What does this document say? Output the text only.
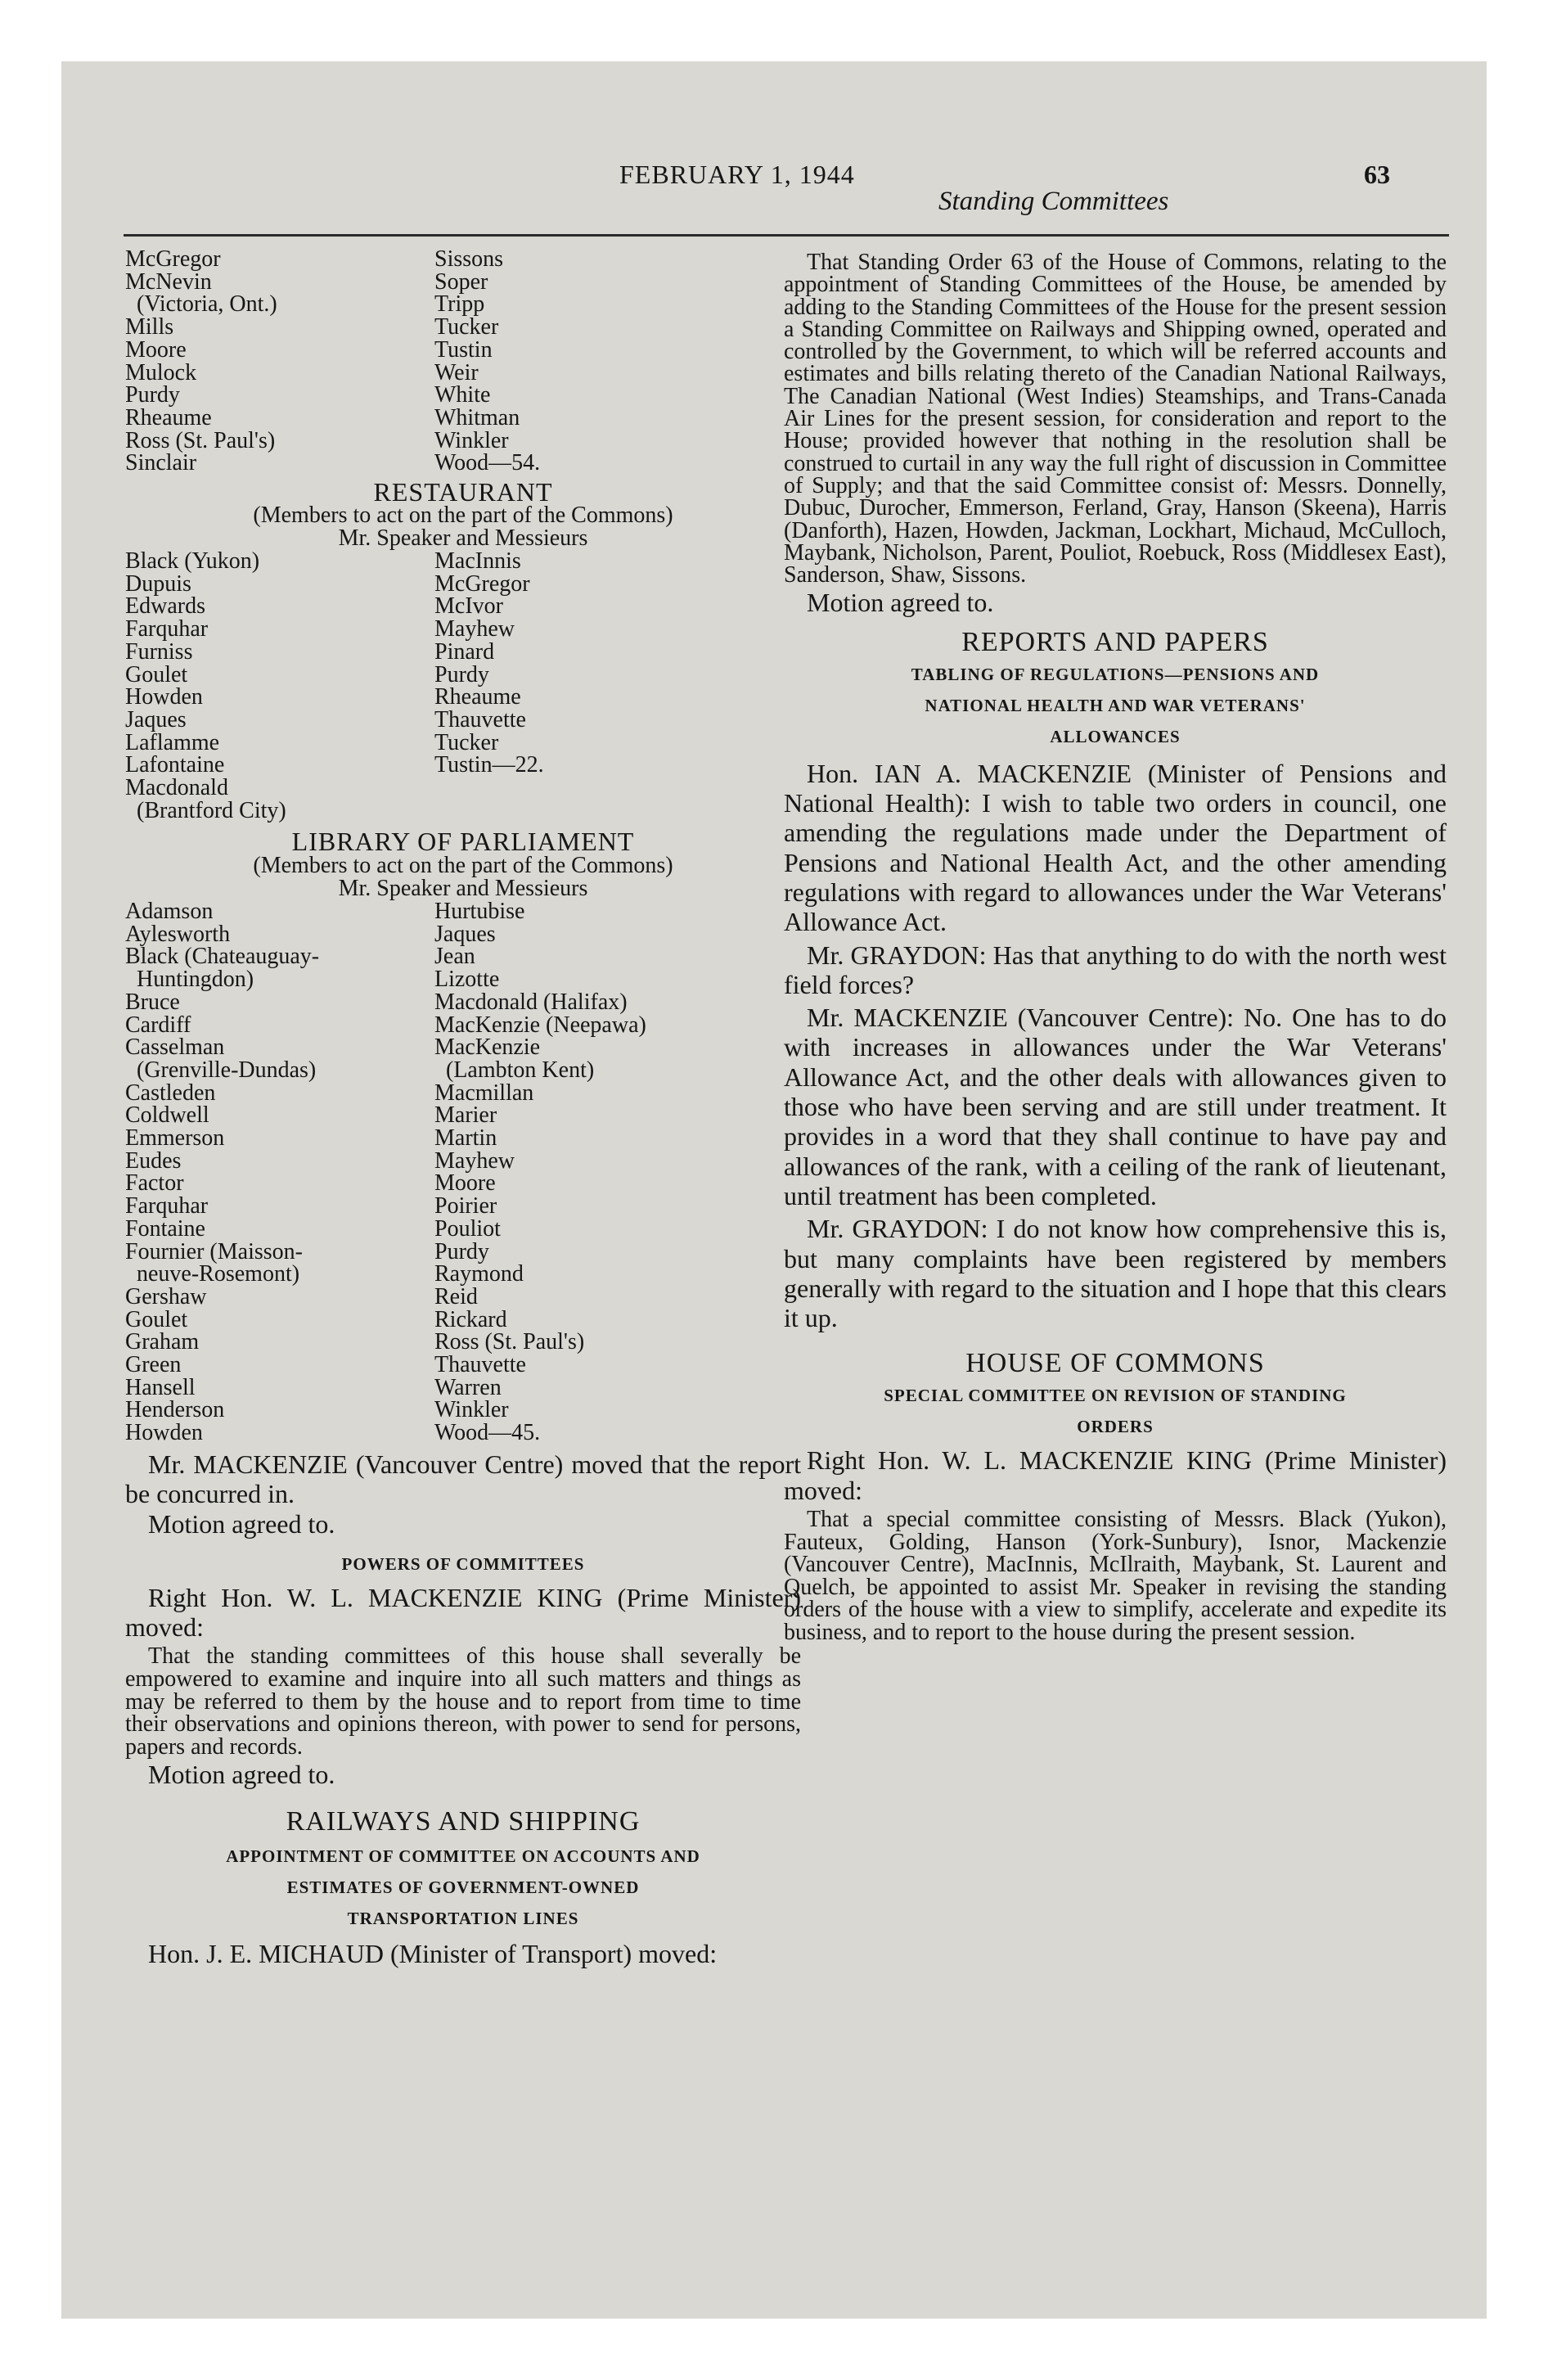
FEBRUARY 1, 1944	63
Standing Committees
McGregor
McNevin
(Victoria, Ont.)
Mills
Moore
Mulock
Purdy
Rheaume
Ross (St. Paul's)
Sinclair
Sissons
Soper
Tripp
Tucker
Tustin
Weir
White
Whitman
Winkler
Wood—54.

RESTAURANT

(Members to act on the part of the Commons)

Mr. Speaker and Messieurs

Black (Yukon)
Dupuis
Edwards
Farquhar
Furniss
Goulet
Howden
Jaques
Laflamme
Lafontaine
Macdonald
(Brantford City)
MacInnis
McGregor
McIvor
Mayhew
Pinard
Purdy
Rheaume
Thauvette
Tucker
Tustin—22.

LIBRARY OF PARLIAMENT

(Members to act on the part of the Commons)

Mr. Speaker and Messieurs

Adamson
Aylesworth
Black (Chateauguay-
Huntingdon)
Bruce
Cardiff
Casselman
(Grenville-Dundas)
Castleden
Coldwell
Emmerson
Eudes
Factor
Farquhar
Fontaine
Fournier (Maisson-
neuve-Rosemont)
Gershaw
Goulet
Graham
Green
Hansell
Henderson
Howden
Hurtubise
Jaques
Jean
Lizotte
Macdonald (Halifax)
MacKenzie (Neepawa)
MacKenzie
(Lambton Kent)
Macmillan
Marier
Martin
Mayhew
Moore
Poirier
Pouliot
Purdy
Raymond
Reid
Rickard
Ross (St. Paul's)
Thauvette
Warren
Winkler
Wood—45.

Mr. MACKENZIE (Vancouver Centre) moved that the report be concurred in.

Motion agreed to.

POWERS OF COMMITTEES

Right Hon. W. L. MACKENZIE KING (Prime Minister) moved:

That the standing committees of this house shall severally be empowered to examine and inquire into all such matters and things as may be referred to them by the house and to report from time to time their observations and opinions thereon, with power to send for persons, papers and records.

Motion agreed to.

RAILWAYS AND SHIPPING

APPOINTMENT OF COMMITTEE ON ACCOUNTS AND

ESTIMATES OF GOVERNMENT-OWNED

TRANSPORTATION LINES

Hon. J. E. MICHAUD (Minister of Transport) moved:

That Standing Order 63 of the House of Commons, relating to the appointment of Standing Committees of the House, be amended by adding to the Standing Committees of the House for the present session a Standing Committee on Railways and Shipping owned, operated and controlled by the Government, to which will be referred accounts and estimates and bills relating thereto of the Canadian National Railways, The Canadian National (West Indies) Steamships, and Trans-Canada Air Lines for the present session, for consideration and report to the House; provided however that nothing in the resolution shall be construed to curtail in any way the full right of discussion in Committee of Supply; and that the said Committee consist of: Messrs. Donnelly, Dubuc, Durocher, Emmerson, Ferland, Gray, Hanson (Skeena), Harris (Danforth), Hazen, Howden, Jackman, Lockhart, Michaud, McCulloch, Maybank, Nicholson, Parent, Pouliot, Roebuck, Ross (Middlesex East), Sanderson, Shaw, Sissons.

Motion agreed to.

REPORTS AND PAPERS

TABLING OF REGULATIONS—PENSIONS AND

NATIONAL HEALTH AND WAR VETERANS'

ALLOWANCES

Hon. IAN A. MACKENZIE (Minister of Pensions and National Health): I wish to table two orders in council, one amending the regulations made under the Department of Pensions and National Health Act, and the other amending regulations with regard to allowances under the War Veterans' Allowance Act.

Mr. GRAYDON: Has that anything to do with the north west field forces?

Mr. MACKENZIE (Vancouver Centre): No. One has to do with increases in allowances under the War Veterans' Allowance Act, and the other deals with allowances given to those who have been serving and are still under treatment. It provides in a word that they shall continue to have pay and allowances of the rank, with a ceiling of the rank of lieutenant, until treatment has been completed.

Mr. GRAYDON: I do not know how comprehensive this is, but many complaints have been registered by members generally with regard to the situation and I hope that this clears it up.

HOUSE OF COMMONS

SPECIAL COMMITTEE ON REVISION OF STANDING

ORDERS

Right Hon. W. L. MACKENZIE KING (Prime Minister) moved:

That a special committee consisting of Messrs. Black (Yukon), Fauteux, Golding, Hanson (York-Sunbury), Isnor, Mackenzie (Vancouver Centre), MacInnis, McIlraith, Maybank, St. Laurent and Quelch, be appointed to assist Mr. Speaker in revising the standing orders of the house with a view to simplify, accelerate and expedite its business, and to report to the house during the present session.
